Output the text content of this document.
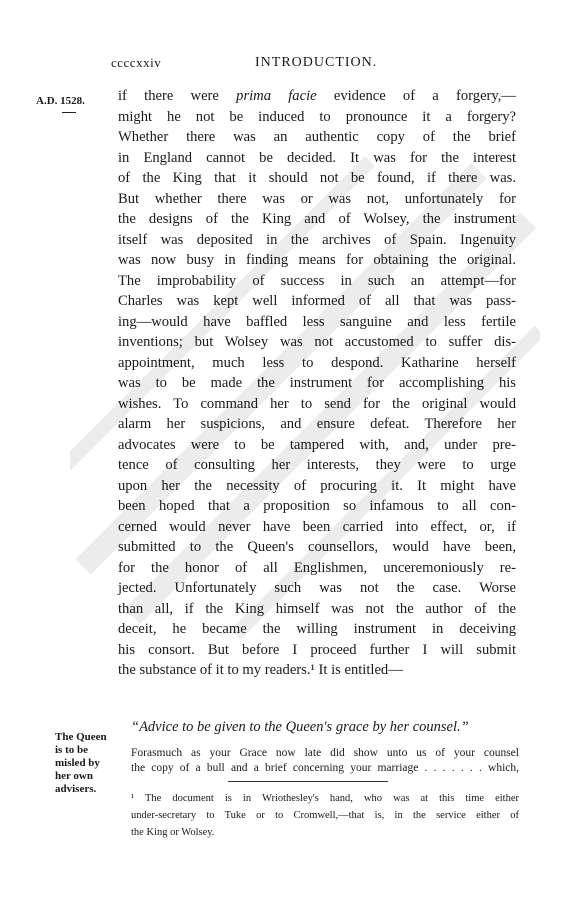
ccccxxiv	INTRODUCTION.
A.D. 1528. if there were prima facie evidence of a forgery,—
might he not be induced to pronounce it a forgery?
Whether there was an authentic copy of the brief
in England cannot be decided. It was for the interest
of the King that it should not be found, if there was.
But whether there was or was not, unfortunately for
the designs of the King and of Wolsey, the instrument
itself was deposited in the archives of Spain. Ingenuity
was now busy in finding means for obtaining the original.
The improbability of success in such an attempt—for
Charles was kept well informed of all that was pass-
ing—would have baffled less sanguine and less fertile
inventions; but Wolsey was not accustomed to suffer dis-
appointment, much less to despond. Katharine herself
was to be made the instrument for accomplishing his
wishes. To command her to send for the original would
alarm her suspicions, and ensure defeat. Therefore her
advocates were to be tampered with, and, under pre-
tence of consulting her interests, they were to urge
upon her the necessity of procuring it. It might have
been hoped that a proposition so infamous to all con-
cerned would never have been carried into effect, or, if
submitted to the Queen's counsellors, would have been,
for the honor of all Englishmen, unceremoniously re-
jected. Unfortunately such was not the case. Worse
than all, if the King himself was not the author of the
deceit, he became the willing instrument in deceiving
his consort. But before I proceed further I will submit
the substance of it to my readers.¹ It is entitled—
The Queen
is to be
misled by
her own
advisers.
“Advice to be given to the Queen's grace by her counsel.”
Forasmuch as your Grace now late did show unto us of your counsel
the copy of a bull and a brief concerning your marriage . . . . . . . which,
¹ The document is in Wriothesley's hand, who was at this time either
under-secretary to Tuke or to Cromwell,—that is, in the service either of
the King or Wolsey.
